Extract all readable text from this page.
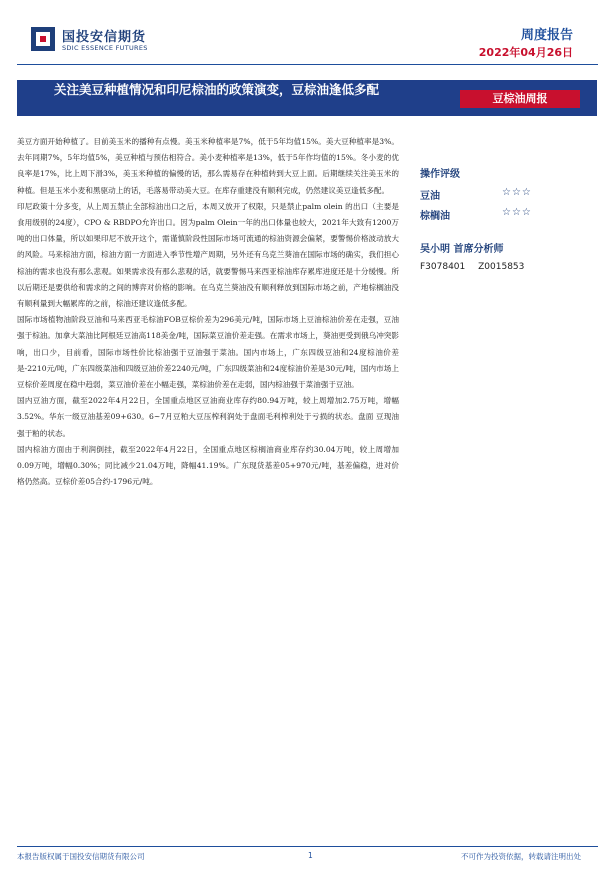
国投安信期货
SDIC ESSENCE FUTURES
周度报告
2022年04月26日
关注美豆种植情况和印尼棕油的政策演变，豆棕油逢低多配
豆棕油周报

美豆方面开始种植了。目前美玉米的播种有点慢。美玉米种植率是7%，低于5年均值15%。美大豆种植率是3%。去年同期7%，5年均值5%，美豆种植与预估相符合。美小麦种植率是13%，低于5年作均值的15%。冬小麦的优良率是17%，比上周下滑3%，美玉米种植的偏慢的话，那么需易存在种植转到大豆上面。后期继续关注美玉米的种植。但是玉米小麦和黑驱动上的话，毛落易带动美大豆。在库存重建没有顺利完成，仍然建议美豆逢低多配。

印尼政策十分多变，从上周五禁止全部棕油出口之后，本周又放开了权限，只是禁止palm olein 的出口（主要是食用级别的24度），CPO & RBDPO允许出口。因为palm Olein一年的出口体量也较大，2021年大致有1200万吨的出口体量，所以如果印尼不放开这个，需谨慎阶段性国际市场可流通的棕油资源会偏紧，要警惕价格波动放大的风险。马来棕油方面，棕油方面一方面进入季节性增产周期，另外还有乌克兰葵油在国际市场的确实，我们担心棕油的需求也没有那么悲观。如果需求没有那么悲观的话，就要警惕马来西亚棕油库存累库进度还是十分缓慢。所以后期还是要供给和需求的之间的博弈对价格的影响。在乌克兰葵油没有顺利释放到国际市场之前，产地棕榈油没有顺利量到大幅累库的之前，棕油还建议逢低多配。

国际市场植物油阶段豆油和马来西亚毛棕油FOB豆棕价差为296美元/吨，国际市场上豆油棕油价差在走强，豆油强于棕油。加拿大菜油比阿根廷豆油高118美金/吨，国际菜豆油价差走强。在需求市场上，葵油更受到俄乌冲突影响，出口少，目前看，国际市场性价比棕油强于豆油强于菜油。国内市场上，广东四级豆油和24度棕油价差是-2210元/吨，广东四级菜油和四级豆油价差2240元/吨，广东四级菜油和24度棕油价差是30元/吨，国内市场上豆棕价差周度在稳中趋弱，菜豆油价差在小幅走强，菜棕油价差在走弱，国内棕油强于菜油强于豆油。

国内豆油方面，截至2022年4月22日，全国重点地区豆油商业库存约80.94万吨，较上周增加2.75万吨，增幅3.52%。华东一级豆油基差09+630。6~7月豆粕大豆压榨利润处于盘面毛利榨利处于亏损的状态。盘面 豆现油强于粕的状态。

国内棕油方面由于利润倒挂，截至2022年4月22日，全国重点地区棕榈油商业库存约30.04万吨，较上周增加0.09万吨，增幅0.30%；同比减少21.04万吨，降幅41.19%。广东现货基差05+970元/吨，基差偏稳，进对价格仍然高。豆棕价差05合约-1796元/吨。

操作评级
豆油	☆☆☆
棕榈油	☆☆☆
吴小明 首席分析师
F3078401 Z0015853
本报告版权属于国投安信期货有限公司	1	不可作为投资依据，转载请注明出处
